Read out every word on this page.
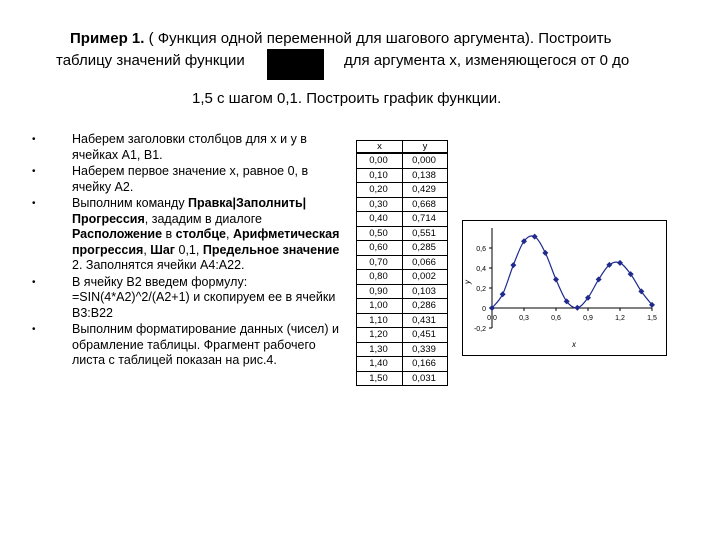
Пример 1. ( Функция одной переменной для шагового аргумента). Построить
таблицу значений функции	для аргумента x, изменяющегося от 0 до
1,5 с шагом 0,1. Построить график функции.
•	Наберем заголовки столбцов для x и y в ячейках A1, B1.
•	Наберем первое значение x, равное 0, в ячейку A2.
•	Выполним команду Правка|Заполнить|Прогрессия, зададим в диалоге Расположение в столбце, Арифметическая прогрессия, Шаг 0,1, Предельное значение 2. Заполнятся ячейки A4:A22.
•	В ячейку B2 введем формулу: =SIN(4*A2)^2/(A2+1) и скопируем ее в ячейки B3:B22
•	Выполним форматирование данных (чисел) и обрамление таблицы. Фрагмент рабочего листа с таблицей показан на рис.4.
x	y
0,00	0,000
0,10	0,138
0,20	0,429
0,30	0,668
0,40	0,714
0,50	0,551
0,60	0,285
0,70	0,066
0,80	0,002
0,90	0,103
1,00	0,286
1,10	0,431
1,20	0,451
1,30	0,339
1,40	0,166
1,50	0,031
-0,2
0
0,2
0,4
0,6
0,0	0,3	0,6	0,9	1,2	1,5
x
y
